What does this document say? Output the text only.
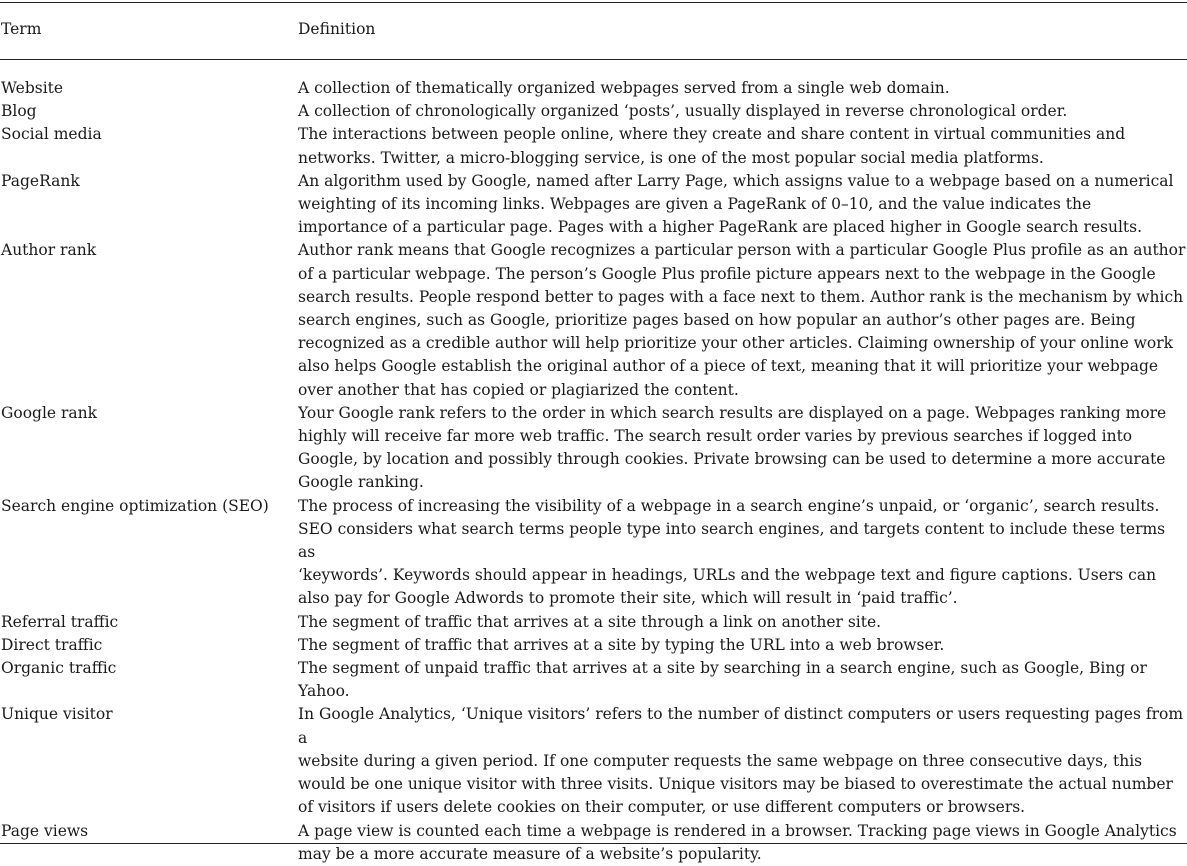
Term	Definition
Website	A collection of thematically organized webpages served from a single web domain.
Blog	A collection of chronologically organized ‘posts’, usually displayed in reverse chronological order.
Social media	The interactions between people online, where they create and share content in virtual communities and
networks. Twitter, a micro-blogging service, is one of the most popular social media platforms.
PageRank	An algorithm used by Google, named after Larry Page, which assigns value to a webpage based on a numerical
weighting of its incoming links. Webpages are given a PageRank of 0–10, and the value indicates the
importance of a particular page. Pages with a higher PageRank are placed higher in Google search results.
Author rank	Author rank means that Google recognizes a particular person with a particular Google Plus profile as an author
of a particular webpage. The person’s Google Plus profile picture appears next to the webpage in the Google
search results. People respond better to pages with a face next to them. Author rank is the mechanism by which
search engines, such as Google, prioritize pages based on how popular an author’s other pages are. Being
recognized as a credible author will help prioritize your other articles. Claiming ownership of your online work
also helps Google establish the original author of a piece of text, meaning that it will prioritize your webpage
over another that has copied or plagiarized the content.
Google rank	Your Google rank refers to the order in which search results are displayed on a page. Webpages ranking more
highly will receive far more web traffic. The search result order varies by previous searches if logged into
Google, by location and possibly through cookies. Private browsing can be used to determine a more accurate
Google ranking.
Search engine optimization (SEO)	The process of increasing the visibility of a webpage in a search engine’s unpaid, or ‘organic’, search results.
SEO considers what search terms people type into search engines, and targets content to include these terms as
‘keywords’. Keywords should appear in headings, URLs and the webpage text and figure captions. Users can
also pay for Google Adwords to promote their site, which will result in ‘paid traffic’.
Referral traffic	The segment of traffic that arrives at a site through a link on another site.
Direct traffic	The segment of traffic that arrives at a site by typing the URL into a web browser.
Organic traffic	The segment of unpaid traffic that arrives at a site by searching in a search engine, such as Google, Bing or
Yahoo.
Unique visitor	In Google Analytics, ‘Unique visitors’ refers to the number of distinct computers or users requesting pages from a
website during a given period. If one computer requests the same webpage on three consecutive days, this
would be one unique visitor with three visits. Unique visitors may be biased to overestimate the actual number
of visitors if users delete cookies on their computer, or use different computers or browsers.
Page views	A page view is counted each time a webpage is rendered in a browser. Tracking page views in Google Analytics
may be a more accurate measure of a website’s popularity.
